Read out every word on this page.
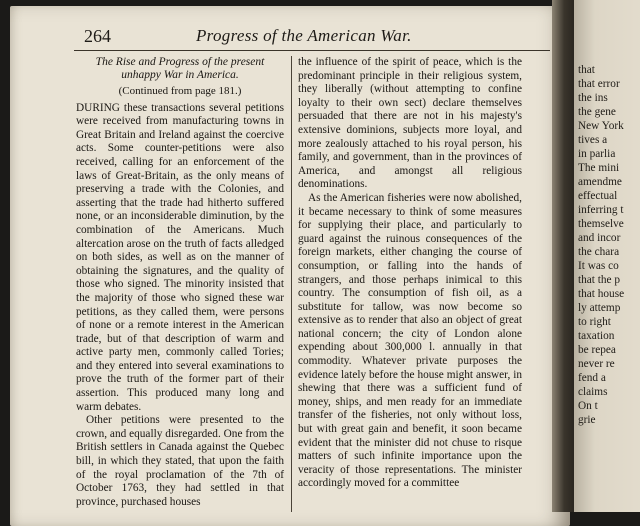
that
that error
the ins
the gene
New York
tives a
in parlia
The mini
amendme
effectual
inferring t
themselve
and incor
the chara
It was co
that the p
that house
ly attemp
to right
taxation
be repea
never re
fend a
claims
On t
grie
264	Progress of the American War.
The Rise and Progress of the present unhappy War in America.
(Continued from page 181.)

DURING these transactions several petitions were received from manufacturing towns in Great Britain and Ireland against the coercive acts. Some counter-petitions were also received, calling for an enforcement of the laws of Great-Britain, as the only means of preserving a trade with the Colonies, and asserting that the trade had hitherto suffered none, or an inconsiderable diminution, by the combination of the Americans. Much altercation arose on the truth of facts alledged on both sides, as well as on the manner of obtaining the signatures, and the quality of those who signed. The minority insisted that the majority of those who signed these war petitions, as they called them, were persons of none or a remote interest in the American trade, but of that description of warm and active party men, commonly called Tories; and they entered into several examinations to prove the truth of the former part of their assertion. This produced many long and warm debates.

Other petitions were presented to the crown, and equally disregarded. One from the British settlers in Canada against the Quebec bill, in which they stated, that upon the faith of the royal proclamation of the 7th of October 1763, they had settled in that province, purchased houses

the influence of the spirit of peace, which is the predominant principle in their religious system, they liberally (without attempting to confine loyalty to their own sect) declare themselves persuaded that there are not in his majesty's extensive dominions, subjects more loyal, and more zealously attached to his royal person, his family, and government, than in the provinces of America, and amongst all religious denominations.

As the American fisheries were now abolished, it became necessary to think of some measures for supplying their place, and particularly to guard against the ruinous consequences of the foreign markets, either changing the course of consumption, or falling into the hands of strangers, and those perhaps inimical to this country. The consumption of fish oil, as a substitute for tallow, was now become so extensive as to render that also an object of great national concern; the city of London alone expending about 300,000 l. annually in that commodity. Whatever private purposes the evidence lately before the house might answer, in shewing that there was a sufficient fund of money, ships, and men ready for an immediate transfer of the fisheries, not only without loss, but with great gain and benefit, it soon became evident that the minister did not chuse to risque matters of such infinite importance upon the veracity of those representations. The minister accordingly moved for a committee
